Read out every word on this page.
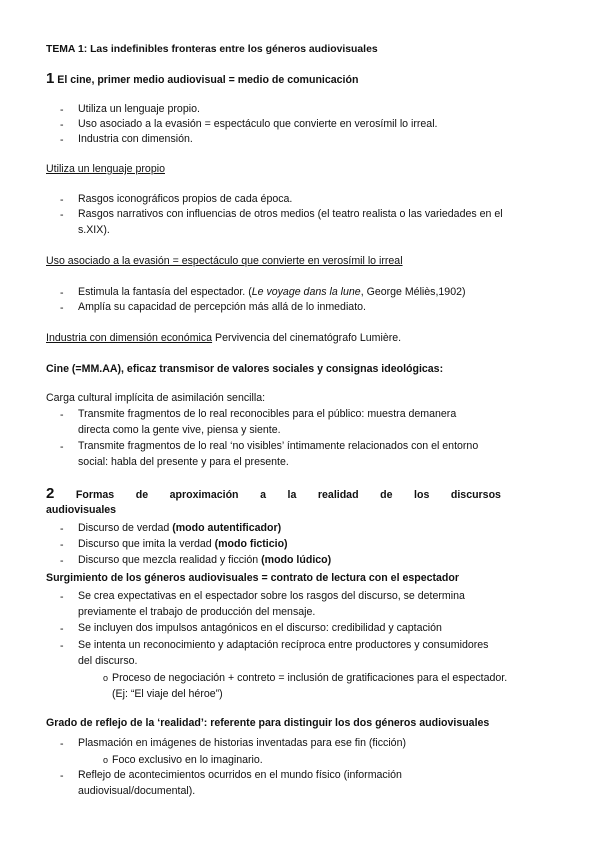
TEMA 1: Las indefinibles fronteras entre los géneros audiovisuales
1 El cine, primer medio audiovisual = medio de comunicación
- Utiliza un lenguaje propio.
- Uso asociado a la evasión = espectáculo que convierte en verosímil lo irreal.
- Industria con dimensión.
Utiliza un lenguaje propio
- Rasgos iconográficos propios de cada época.
- Rasgos narrativos con influencias de otros medios (el teatro realista o las variedades en el
s.XIX).
Uso asociado a la evasión = espectáculo que convierte en verosímil lo irreal
- Estimula la fantasía del espectador. (Le voyage dans la lune, George Méliès,1902)
- Amplía su capacidad de percepción más allá de lo inmediato.
Industria con dimensión económica Pervivencia del cinematógrafo Lumière.
Cine (=MM.AA), eficaz transmisor de valores sociales y consignas ideológicas:
Carga cultural implícita de asimilación sencilla:
- Transmite fragmentos de lo real reconocibles para el público: muestra demanera
directa como la gente vive, piensa y siente.
- Transmite fragmentos de lo real ‘no visibles’ íntimamente relacionados con el entorno
social: habla del presente y para el presente.
2 Formas de aproximación a la realidad de los discursos
audiovisuales
- Discurso de verdad (modo autentificador)
- Discurso que imita la verdad (modo ficticio)
- Discurso que mezcla realidad y ficción (modo lúdico)
Surgimiento de los géneros audiovisuales = contrato de lectura con el espectador
- Se crea expectativas en el espectador sobre los rasgos del discurso, se determina
previamente el trabajo de producción del mensaje.
- Se incluyen dos impulsos antagónicos en el discurso: credibilidad y captación
- Se intenta un reconocimiento y adaptación recíproca entre productores y consumidores
del discurso.
o Proceso de negociación + contreto = inclusión de gratificaciones para el espectador.
(Ej: “El viaje del héroe”)
Grado de reflejo de la ‘realidad’: referente para distinguir los dos géneros audiovisuales
- Plasmación en imágenes de historias inventadas para ese fin (ficción)
o Foco exclusivo en lo imaginario.
- Reflejo de acontecimientos ocurridos en el mundo físico (información
audiovisual/documental).
